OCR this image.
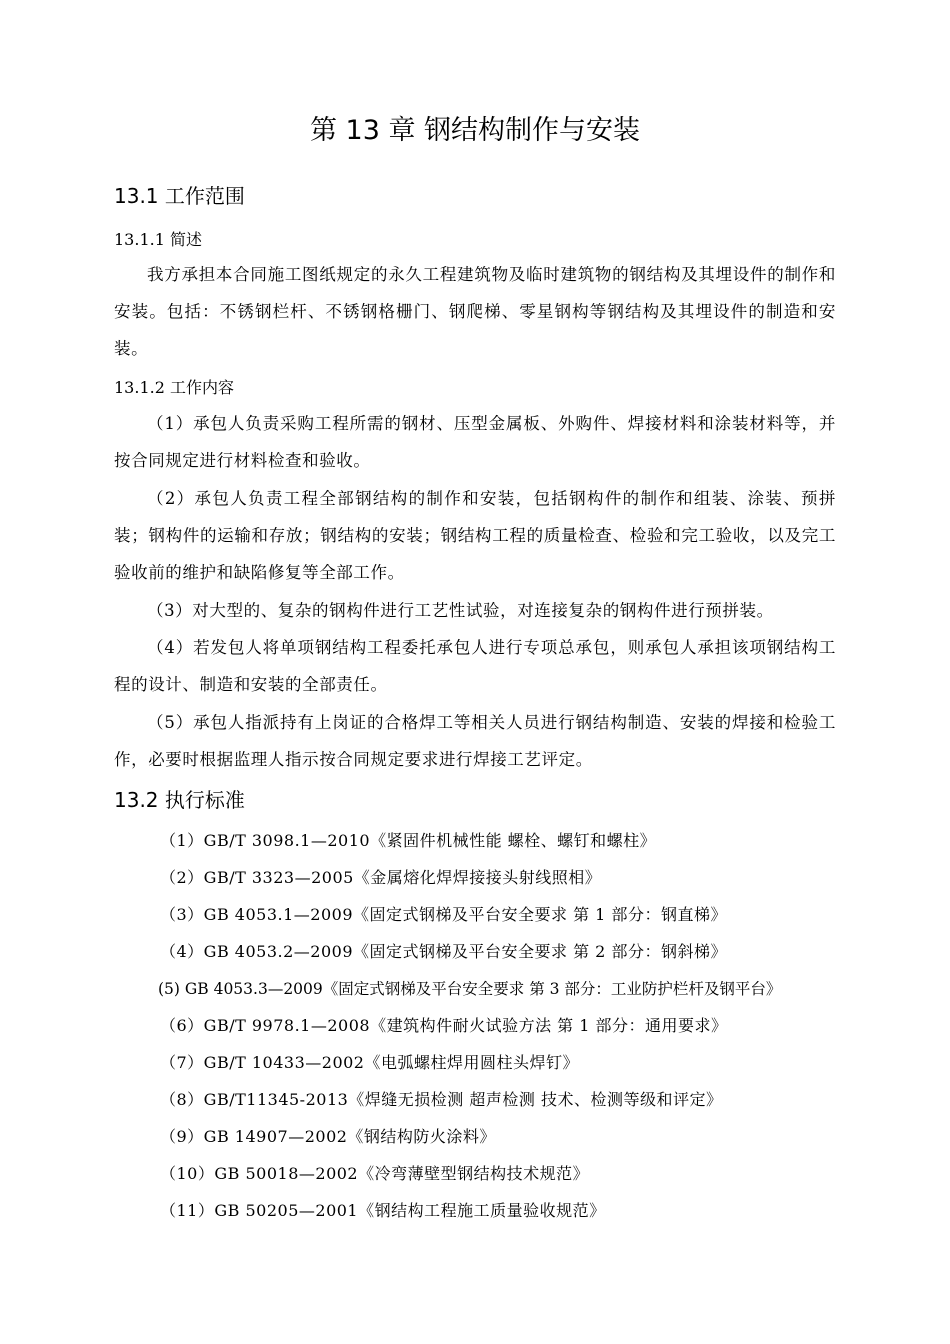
第 13 章 钢结构制作与安装
13.1 工作范围
13.1.1 简述

我方承担本合同施工图纸规定的永久工程建筑物及临时建筑物的钢结构及其埋设件的制作和安装。包括：不锈钢栏杆、不锈钢格栅门、钢爬梯、零星钢构等钢结构及其埋设件的制造和安装。

13.1.2 工作内容

（1）承包人负责采购工程所需的钢材、压型金属板、外购件、焊接材料和涂装材料等，并按合同规定进行材料检查和验收。

（2）承包人负责工程全部钢结构的制作和安装，包括钢构件的制作和组装、涂装、预拼装；钢构件的运输和存放；钢结构的安装；钢结构工程的质量检查、检验和完工验收，以及完工验收前的维护和缺陷修复等全部工作。

（3）对大型的、复杂的钢构件进行工艺性试验，对连接复杂的钢构件进行预拼装。

（4）若发包人将单项钢结构工程委托承包人进行专项总承包，则承包人承担该项钢结构工程的设计、制造和安装的全部责任。

（5）承包人指派持有上岗证的合格焊工等相关人员进行钢结构制造、安装的焊接和检验工作，必要时根据监理人指示按合同规定要求进行焊接工艺评定。

13.2 执行标准

（1）GB/T 3098.1—2010《紧固件机械性能 螺栓、螺钉和螺柱》

（2）GB/T 3323—2005《金属熔化焊焊接接头射线照相》

（3）GB 4053.1—2009《固定式钢梯及平台安全要求 第 1 部分：钢直梯》

（4）GB 4053.2—2009《固定式钢梯及平台安全要求 第 2 部分：钢斜梯》

(5) GB 4053.3—2009《固定式钢梯及平台安全要求 第 3 部分：工业防护栏杆及钢平台》

（6）GB/T 9978.1—2008《建筑构件耐火试验方法 第 1 部分：通用要求》

（7）GB/T 10433—2002《电弧螺柱焊用圆柱头焊钉》

（8）GB/T11345-2013《焊缝无损检测 超声检测 技术、检测等级和评定》

（9）GB 14907—2002《钢结构防火涂料》

（10）GB 50018—2002《冷弯薄壁型钢结构技术规范》

（11）GB 50205—2001《钢结构工程施工质量验收规范》
